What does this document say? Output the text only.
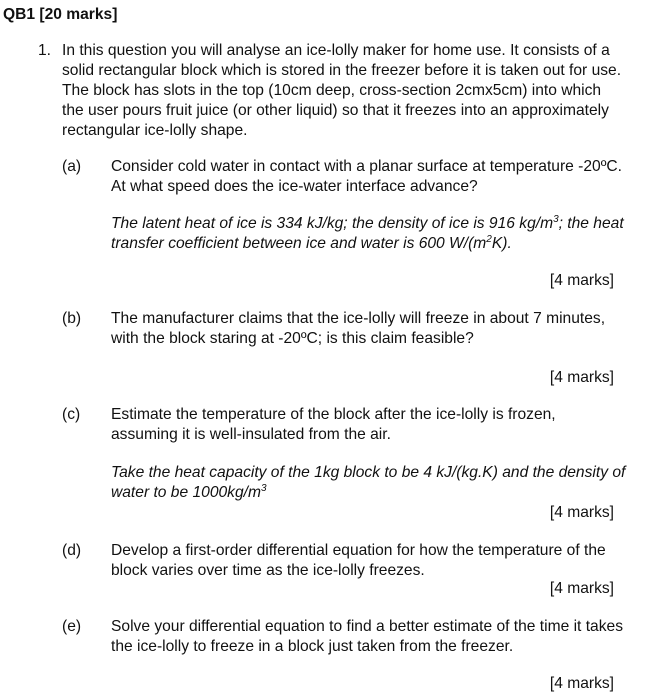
QB1 [20 marks]
1. In this question you will analyse an ice-lolly maker for home use. It consists of a solid rectangular block which is stored in the freezer before it is taken out for use. The block has slots in the top (10cm deep, cross-section 2cmx5cm) into which the user pours fruit juice (or other liquid) so that it freezes into an approximately rectangular ice-lolly shape.
(a) Consider cold water in contact with a planar surface at temperature -20ºC. At what speed does the ice-water interface advance?
The latent heat of ice is 334 kJ/kg; the density of ice is 916 $kg/m^3$; the heat transfer coefficient between ice and water is 600 $W/(m^2K)$.
[4 marks]
(b) The manufacturer claims that the ice-lolly will freeze in about 7 minutes, with the block staring at -20ºC; is this claim feasible?
[4 marks]
(c) Estimate the temperature of the block after the ice-lolly is frozen, assuming it is well-insulated from the air.
Take the heat capacity of the 1kg block to be 4 kJ/(kg.K) and the density of water to be $1000kg/m^3$
[4 marks]
(d) Develop a first-order differential equation for how the temperature of the block varies over time as the ice-lolly freezes.
[4 marks]
(e) Solve your differential equation to find a better estimate of the time it takes the ice-lolly to freeze in a block just taken from the freezer.
[4 marks]
